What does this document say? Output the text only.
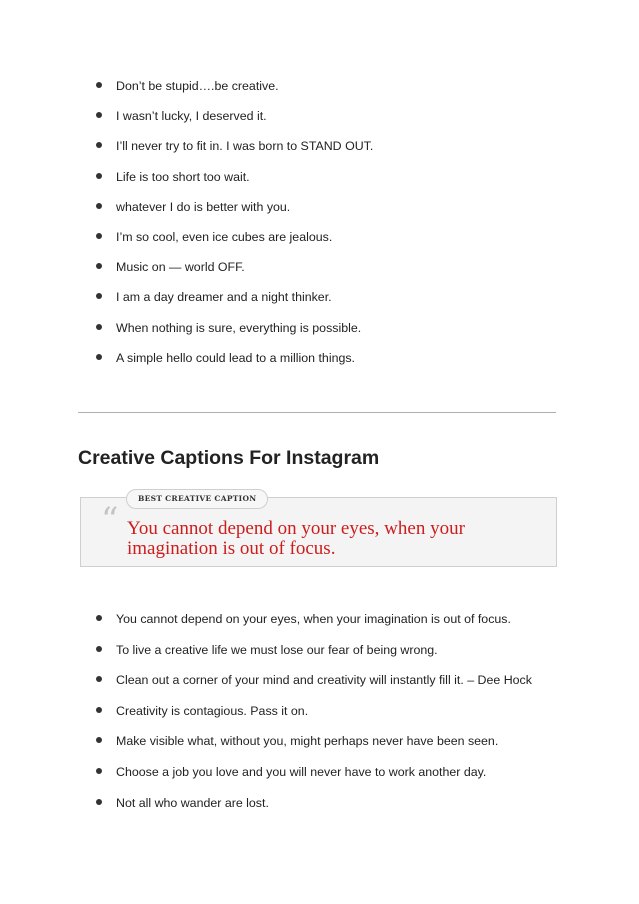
Don’t be stupid….be creative.
I wasn’t lucky, I deserved it.
I’ll never try to fit in. I was born to STAND OUT.
Life is too short too wait.
whatever I do is better with you.
I’m so cool, even ice cubes are jealous.
Music on — world OFF.
I am a day dreamer and a night thinker.
When nothing is sure, everything is possible.
A simple hello could lead to a million things.
Creative Captions For Instagram
BEST CREATIVE CAPTION
“ You cannot depend on your eyes, when your imagination is out of focus.
You cannot depend on your eyes, when your imagination is out of focus.
To live a creative life we must lose our fear of being wrong.
Clean out a corner of your mind and creativity will instantly fill it. – Dee Hock
Creativity is contagious. Pass it on.
Make visible what, without you, might perhaps never have been seen.
Choose a job you love and you will never have to work another day.
Not all who wander are lost.
